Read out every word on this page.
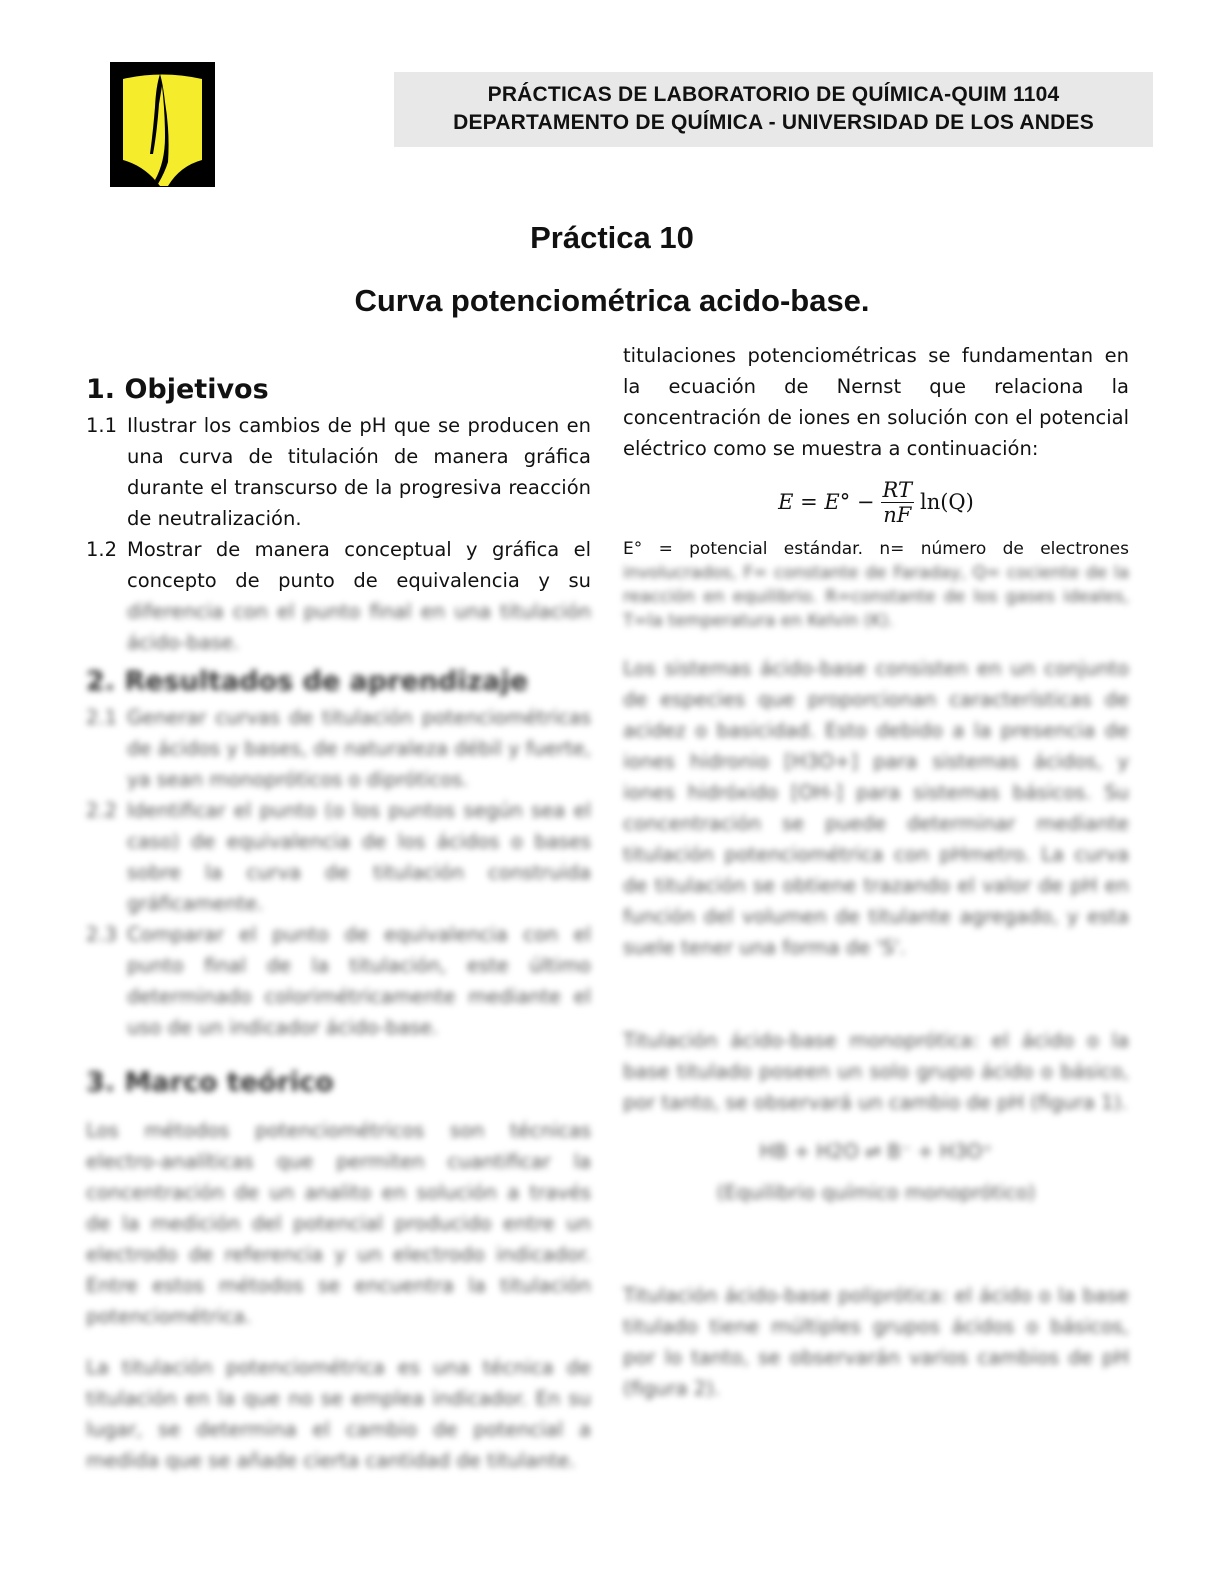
PRÁCTICAS DE LABORATORIO DE QUÍMICA-QUIM 1104
DEPARTAMENTO DE QUÍMICA - UNIVERSIDAD DE LOS ANDES
Práctica 10
Curva potenciométrica acido-base.
1. Objetivos
1.1 Ilustrar los cambios de pH que se producen en una curva de titulación de manera gráfica durante el transcurso de la progresiva reacción de neutralización.
1.2 Mostrar de manera conceptual y gráfica el concepto de punto de equivalencia y su diferencia con el punto final en una titulación ácido-base.
2. Resultados de aprendizaje
2.1 Generar curvas de titulación potenciométricas de ácidos y bases, de naturaleza débil y fuerte, ya sean monopróticos o dipróticos.
2.2 Identificar el punto (o los puntos según sea el caso) de equivalencia de los ácidos o bases sobre la curva de titulación construida gráficamente.
2.3 Comparar el punto de equivalencia con el punto final de la titulación, este último determinado colorimétricamente mediante el uso de un indicador ácido-base.
3. Marco teórico

Los métodos potenciométricos son técnicas electro-analíticas que permiten cuantificar la concentración de un analito en solución a través de la medición del potencial producido entre un electrodo de referencia y un electrodo indicador. Entre estos métodos se encuentra la titulación potenciométrica.

La titulación potenciométrica es una técnica de titulación en la que no se emplea indicador. En su lugar, se determina el cambio de potencial a medida que se añade cierta cantidad de titulante.

titulaciones potenciométricas se fundamentan en la ecuación de Nernst que relaciona la concentración de iones en solución con el potencial eléctrico como se muestra a continuación:

$E = E^\circ - \frac{RT}{nF} \ln(Q)$
E° = potencial estándar. n= número de electrones

involucrados, F= constante de Faraday, Q= cociente de la reacción en equilibrio. R=constante de los gases ideales, T=la temperatura en Kelvin (K).

Los sistemas ácido-base consisten en un conjunto de especies que proporcionan características de acidez o basicidad. Esto debido a la presencia de iones hidronio [H3O+] para sistemas ácidos, y iones hidróxido [OH-] para sistemas básicos. Su concentración se puede determinar mediante titulación potenciométrica con pHmetro. La curva de titulación se obtiene trazando el valor de pH en función del volumen de titulante agregado, y esta suele tener una forma de 'S'.

Titulación ácido-base monoprótica: el ácido o la base titulado poseen un solo grupo ácido o básico, por tanto, se observará un cambio de pH (figura 1).

HB + H2O ⇌ B⁻ + H3O⁺
(Equilibrio químico monoprótico)

Titulación ácido-base poliprótica: el ácido o la base titulado tiene múltiples grupos ácidos o básicos, por lo tanto, se observarán varios cambios de pH (figura 2).
